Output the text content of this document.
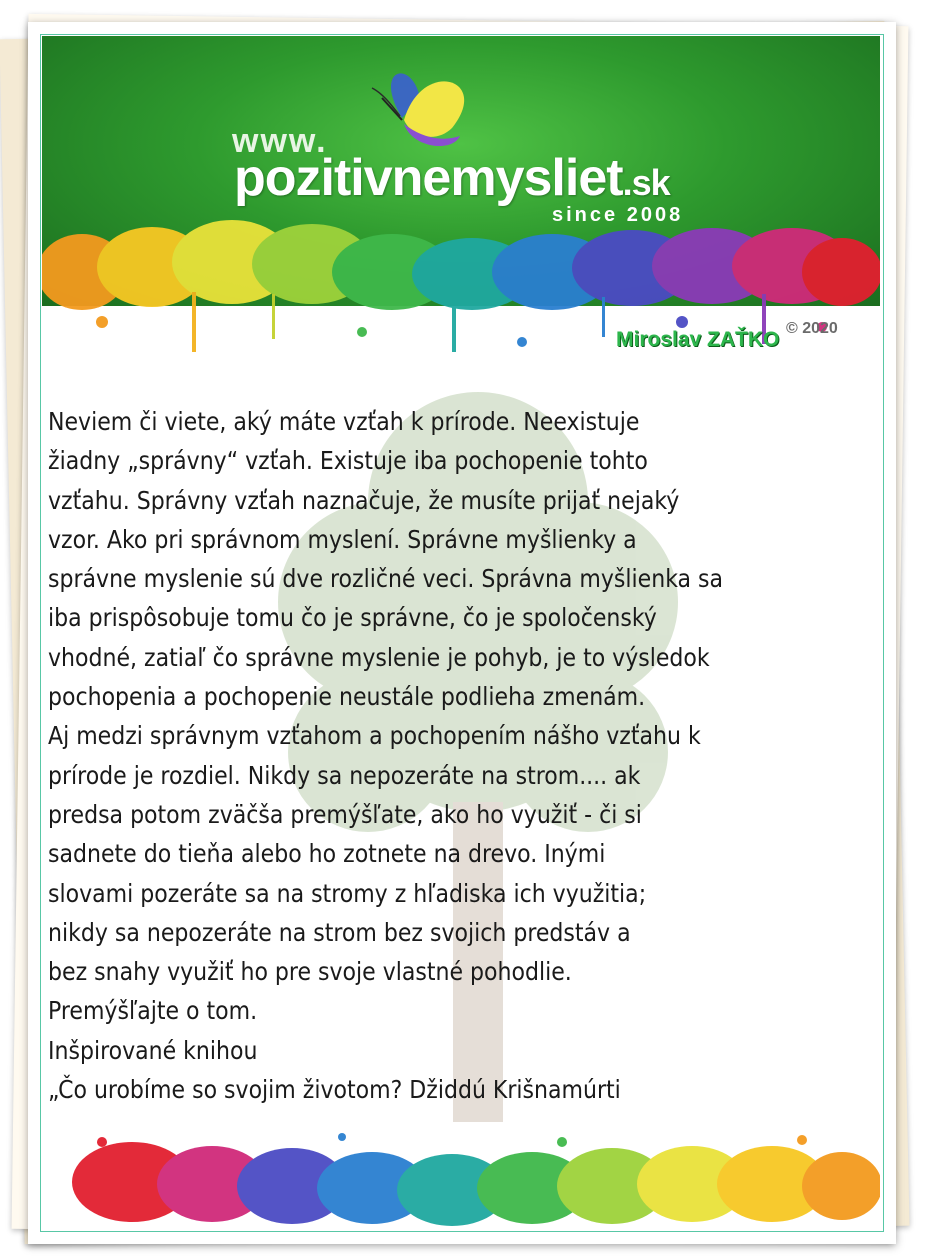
www.
pozitivnemysliet.sk
since 2008
Miroslav ZAŤKO © 2020
Neviem či viete, aký máte vzťah k prírode. Neexistuje
žiadny „správny“ vzťah. Existuje iba pochopenie tohto
vzťahu. Správny vzťah naznačuje, že musíte prijať nejaký
vzor. Ako pri správnom myslení. Správne myšlienky a
správne myslenie sú dve rozličné veci. Správna myšlienka sa
iba prispôsobuje tomu čo je správne, čo je spoločenský
vhodné, zatiaľ čo správne myslenie je pohyb, je to výsledok
pochopenia a pochopenie neustále podlieha zmenám.
Aj medzi správnym vzťahom a pochopením nášho vzťahu k
prírode je rozdiel. Nikdy sa nepozeráte na strom.... ak
predsa potom zväčša premýšľate, ako ho využiť - či si
sadnete do tieňa alebo ho zotnete na drevo. Inými
slovami pozeráte sa na stromy z hľadiska ich využitia;
nikdy sa nepozeráte na strom bez svojich predstáv a
bez snahy využiť ho pre svoje vlastné pohodlie.
Premýšľajte o tom.
Inšpirované knihou
„Čo urobíme so svojim životom? Džiddú Krišnamúrti
